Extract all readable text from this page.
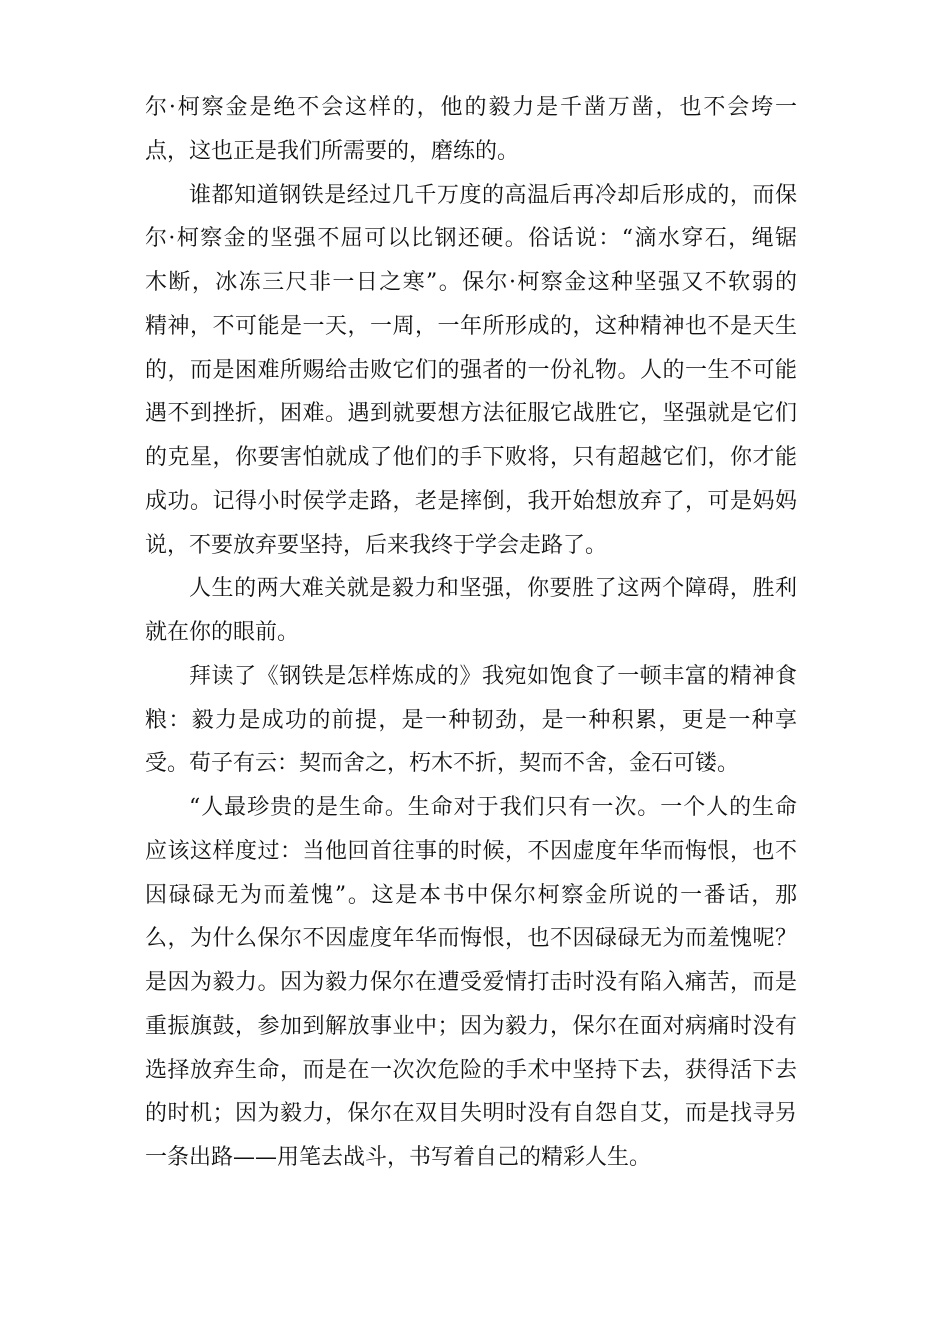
尔·柯察金是绝不会这样的，他的毅力是千凿万凿，也不会垮一
点，这也正是我们所需要的，磨练的。
谁都知道钢铁是经过几千万度的高温后再冷却后形成的，而保
尔·柯察金的坚强不屈可以比钢还硬。俗话说：“滴水穿石，绳锯
木断，冰冻三尺非一日之寒”。保尔·柯察金这种坚强又不软弱的
精神，不可能是一天，一周，一年所形成的，这种精神也不是天生
的，而是困难所赐给击败它们的强者的一份礼物。人的一生不可能
遇不到挫折，困难。遇到就要想方法征服它战胜它，坚强就是它们
的克星，你要害怕就成了他们的手下败将，只有超越它们，你才能
成功。记得小时侯学走路，老是摔倒，我开始想放弃了，可是妈妈
说，不要放弃要坚持，后来我终于学会走路了。
人生的两大难关就是毅力和坚强，你要胜了这两个障碍，胜利
就在你的眼前。
拜读了《钢铁是怎样炼成的》我宛如饱食了一顿丰富的精神食
粮：毅力是成功的前提，是一种韧劲，是一种积累，更是一种享
受。荀子有云：契而舍之，朽木不折，契而不舍，金石可镂。
“人最珍贵的是生命。生命对于我们只有一次。一个人的生命
应该这样度过：当他回首往事的时候，不因虚度年华而悔恨，也不
因碌碌无为而羞愧”。这是本书中保尔柯察金所说的一番话，那
么，为什么保尔不因虚度年华而悔恨，也不因碌碌无为而羞愧呢？
是因为毅力。因为毅力保尔在遭受爱情打击时没有陷入痛苦，而是
重振旗鼓，参加到解放事业中；因为毅力，保尔在面对病痛时没有
选择放弃生命，而是在一次次危险的手术中坚持下去，获得活下去
的时机；因为毅力，保尔在双目失明时没有自怨自艾，而是找寻另
一条出路——用笔去战斗，书写着自己的精彩人生。
